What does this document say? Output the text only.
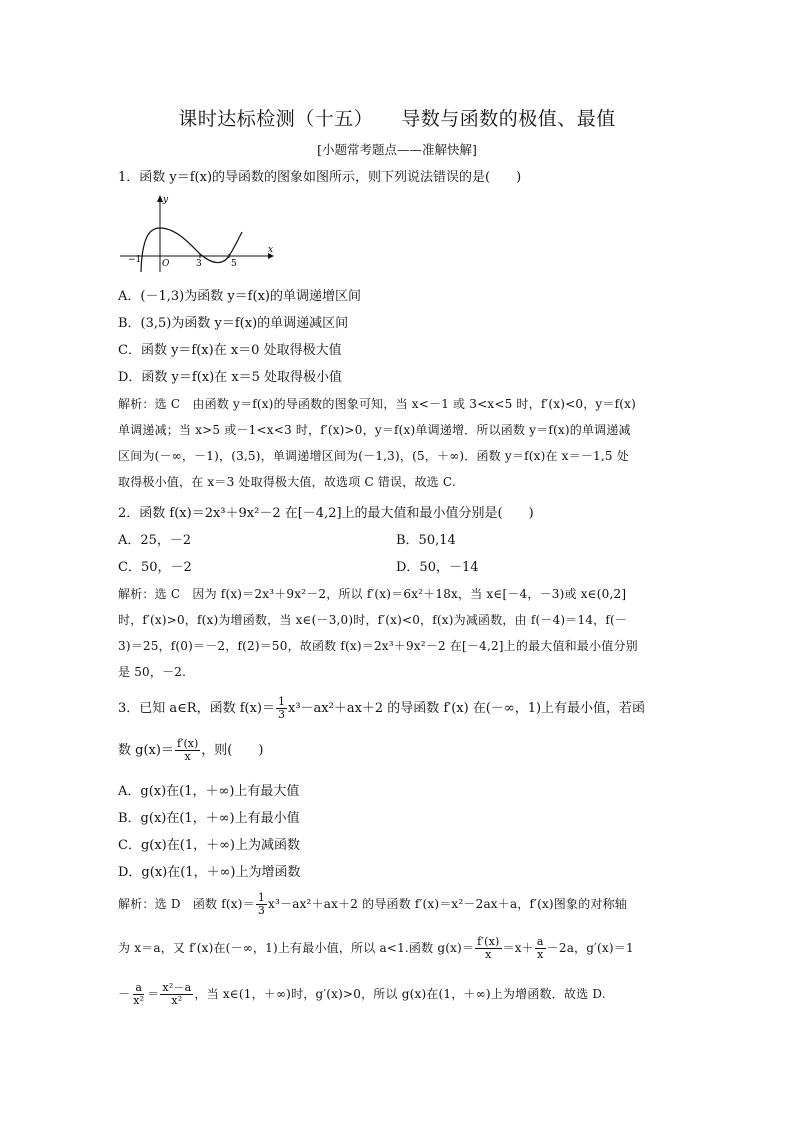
课时达标检测（十五） 导数与函数的极值、最值
[小题常考题点——准解快解]
1．函数 y＝f(x)的导函数的图象如图所示，则下列说法错误的是(　　)
y
x
O
−1	3	5
A．(－1,3)为函数 y＝f(x)的单调递增区间
B．(3,5)为函数 y＝f(x)的单调递减区间
C．函数 y＝f(x)在 x＝0 处取得极大值
D．函数 y＝f(x)在 x＝5 处取得极小值
解析：选 C　由函数 y＝f(x)的导函数的图象可知，当 x<－1 或 3<x<5 时，f′(x)<0，y＝f(x)
单调递减；当 x>5 或－1<x<3 时，f′(x)>0，y＝f(x)单调递增．所以函数 y＝f(x)的单调递减
区间为(－∞，－1)，(3,5)，单调递增区间为(－1,3)，(5，＋∞)．函数 y＝f(x)在 x＝－1,5 处
取得极小值，在 x＝3 处取得极大值，故选项 C 错误，故选 C.
2．函数 f(x)＝2x³＋9x²－2 在[－4,2]上的最大值和最小值分别是(　　)
A．25，－2	B．50,14
C．50，－2	D．50，－14
解析：选 C　因为 f(x)＝2x³＋9x²－2，所以 f′(x)＝6x²＋18x，当 x∈[－4，－3)或 x∈(0,2]
时，f′(x)>0，f(x)为增函数，当 x∈(－3,0)时，f′(x)<0，f(x)为减函数，由 f(－4)＝14，f(－
3)＝25，f(0)＝－2，f(2)＝50，故函数 f(x)＝2x³＋9x²－2 在[－4,2]上的最大值和最小值分别
是 50，－2.
3．已知 a∈R，函数 $f(x)= \frac{1}{3} x^3-ax^2+ax+2$ 的导函数 f′(x) 在(－∞，1)上有最小值，若函
数 $g(x)= \frac{f'(x)}{x}$ ，则(　　)
A．g(x)在(1，＋∞)上有最大值
B．g(x)在(1，＋∞)上有最小值
C．g(x)在(1，＋∞)上为减函数
D．g(x)在(1，＋∞)上为增函数
解析：选 D　函数 $f(x)= \frac{1}{3} x^3-ax^2+ax+2$ 的导函数 f′(x)＝x²－2ax＋a，f′(x)图象的对称轴
为 x＝a，又 f′(x)在(－∞，1)上有最小值，所以 a<1.函数 $g(x)= \frac{f'(x)}{x} =x+ \frac{a}{x} -2a$，g′(x)＝1
－ $\frac{a}{\text{x²}} = \frac{\text{x²－a}}{\text{x²}}$ ，当 x∈(1，＋∞)时，g′(x)>0，所以 g(x)在(1，＋∞)上为增函数．故选 D.
